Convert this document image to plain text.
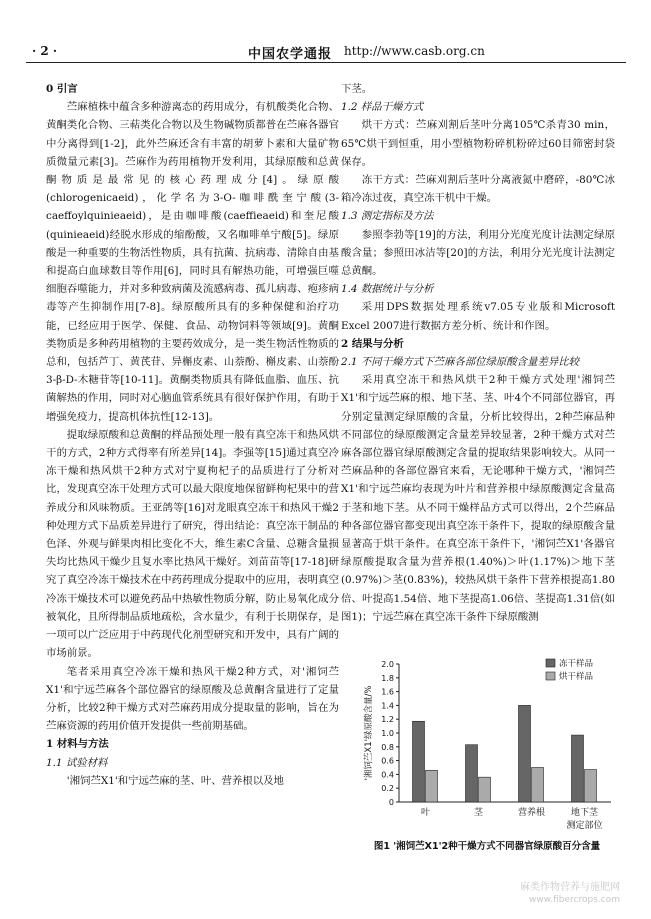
· 2 ·	中国农学通报 http://www.casb.org.cn

0 引言

苎麻植株中蕴含多种游离态的药用成分，有机酸类化合物、黄酮类化合物、三萜类化合物以及生物碱物质都普在苎麻各器官中分离得到[1-2]，此外苎麻还含有丰富的胡萝卜素和大量矿物质微量元素[3]。苎麻作为药用植物开发利用，其绿原酸和总黄酮物质是最常见的核心药理成分[4]。绿原酸(chlorogenicaeid)，化学名为3-O-咖啡酰奎宁酸(3-caeffoylquinieaeid)，是由咖啡酸(caeffieaeid)和奎尼酸(quinieaeid)经脱水形成的缩酚酸，又名咖啡单宁酸[5]。绿原酸是一种重要的生物活性物质，具有抗菌、抗病毒、清除自由基和提高白血球数目等作用[6]，同时具有解热功能，可增强巨噬细胞吞噬能力，并对多种致病菌及流感病毒、孤儿病毒、疱疹病毒等产生抑制作用[7-8]。绿原酸所具有的多种保健和治疗功能，已经应用于医学、保健、食品、动物饲料等领域[9]。黄酮类物质是多种药用植物的主要药效成分，是一类生物活性物质的总和，包括芦丁、黄芪苷、异槲皮素、山萘酚、槲皮素、山萘酚3-β-D-木糖苷等[10-11]。黄酮类物质具有降低血脂、血压、抗菌解热的作用，同时对心脑血管系统具有很好保护作用，有助于增强免疫力，提高机体抗性[12-13]。

提取绿原酸和总黄酮的样品预处理一般有真空冻干和热风烘干的方式，2种方式得率有所差异[14]。李强等[15]通过真空冷冻干燥和热风烘干2种方式对宁夏枸杞子的品质进行了分析对比，发现真空冻干处理方式可以最大限度地保留鲜枸杞果中的营养成分和风味物质。王亚鸽等[16]对龙眼真空冻干和热风干燥2种处理方式下品质差异进行了研究，得出结论：真空冻干制品的色泽、外观与鲜果肉相比变化不大，维生素C含量、总糖含量损失均比热风干燥少且复水率比热风干燥好。刘苗苗等[17-18]研究了真空冷冻干燥技术在中药药理成分提取中的应用，表明真空冷冻干燥技术可以避免药品中热敏性物质分解，防止易氧化成分被氧化，且所得制品质地疏松，含水量少，有利于长期保存，是一项可以广泛应用于中药现代化剂型研究和开发中，具有广阔的市场前景。

笔者采用真空冷冻干燥和热风干燥2种方式，对'湘饲苎X1'和宁远苎麻各个部位器官的绿原酸及总黄酮含量进行了定量分析，比较2种干燥方式对苎麻药用成分提取量的影响，旨在为苎麻资源的药用价值开发提供一些前期基础。

1 材料与方法

1.1 试验材料

'湘饲苎X1'和宁远苎麻的茎、叶、营养根以及地

下茎。

1.2 样品干燥方式

烘干方式：苎麻刈割后茎叶分离105℃杀青30 min，65℃烘干到恒重，用小型植物粉碎机粉碎过60目筛密封袋保存。

冻干方式：苎麻刈割后茎叶分离液氮中磨碎，-80℃冰箱冷冻过夜，真空冻干机中干燥。

1.3 测定指标及方法

参照李勃等[19]的方法，利用分光度光度计法测定绿原酸含量；参照田冰洁等[20]的方法，利用分光光度计法测定总黄酮。

1.4 数据统计与分析

采用DPS数据处理系统v7.05专业版和Microsoft Excel 2007进行数据方差分析、统计和作图。

2 结果与分析

2.1 不同干燥方式下苎麻各部位绿原酸含量差异比较

采用真空冻干和热风烘干2种干燥方式处理'湘饲苎X1'和宁远苎麻的根、地下茎、茎、叶4个不同部位器官，再分别定量测定绿原酸的含量，分析比较得出，2种苎麻品种不同部位的绿原酸测定含量差异较显著，2种干燥方式对苎麻各部位器官绿原酸测定含量的提取结果影响较大。从同一苎麻品种的各部位器官来看，无论哪种干燥方式，'湘饲苎X1'和宁远苎麻均表现为叶片和营养根中绿原酸测定含量高于茎和地下茎。从不同干燥样品方式可以得出，2个苎麻品种各部位器官都变现出真空冻干条件下，提取的绿原酸含量显著高于烘干条件。在真空冻干条件下，'湘饲苎X1'各器官绿原酸提取含量为营养根(1.40%)＞叶(1.17%)＞地下茎(0.97%)＞茎(0.83%)，较热风烘干条件下营养根提高1.80倍、叶提高1.54倍、地下茎提高1.06倍、茎提高1.31倍(如图1)；宁远苎麻在真空冻干条件下绿原酸测

0
0.2
0.4
0.6
0.8
1.0
1.2
1.4
1.6
1.8
2.0
'湘饲苎X1'绿原酸含量/%
叶	茎	营养根	地下茎
测定部位
冻干样品
烘干样品
图1 '湘饲苎X1'2种干燥方式不同器官绿原酸百分含量
麻类作物营养与施肥网
www.fibercrops.com
